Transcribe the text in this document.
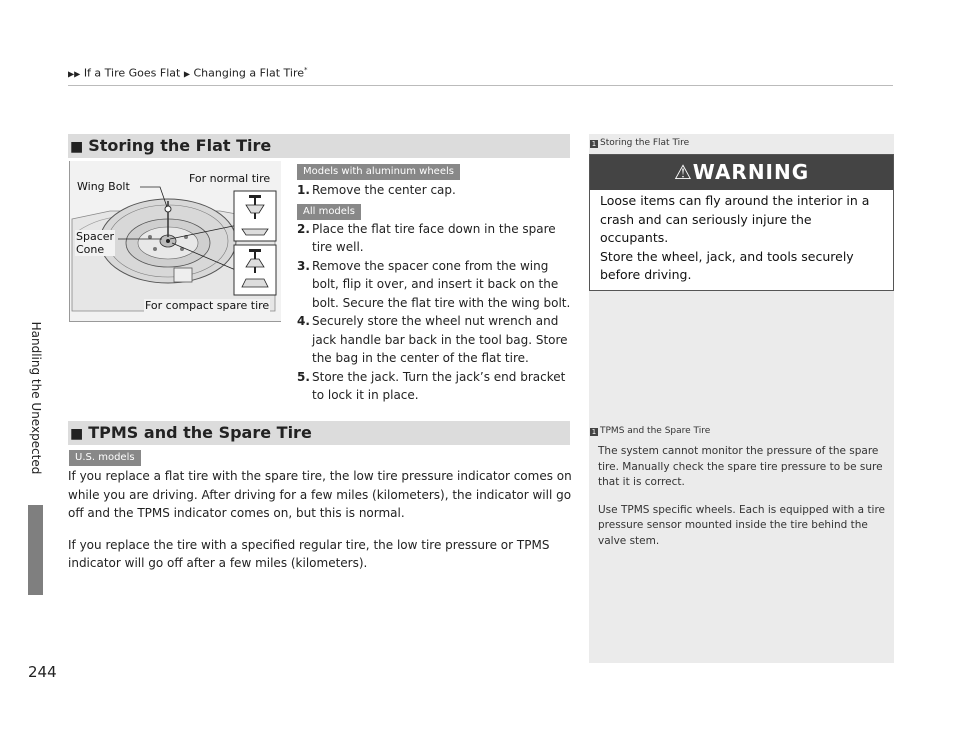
▶▶ If a Tire Goes Flat ▶ Changing a Flat Tire*
Handling the Unexpected
244
■ Storing the Flat Tire
Wing Bolt
For normal tire
Spacer
Cone
For compact spare tire
Models with aluminum wheels
All models
1. Remove the center cap.
2. Place the flat tire face down in the spare tire well.
3. Remove the spacer cone from the wing bolt, flip it over, and insert it back on the bolt. Secure the flat tire with the wing bolt.
4. Securely store the wheel nut wrench and jack handle bar back in the tool bag. Store the bag in the center of the flat tire.
5. Store the jack. Turn the jack’s end bracket to lock it in place.
■ TPMS and the Spare Tire
U.S. models

If you replace a flat tire with the spare tire, the low tire pressure indicator comes on while you are driving. After driving for a few miles (kilometers), the indicator will go off and the TPMS indicator comes on, but this is normal.

If you replace the tire with a specified regular tire, the low tire pressure or TPMS indicator will go off after a few miles (kilometers).

1 Storing the Flat Tire
⚠WARNING
Loose items can fly around the interior in a crash and can seriously injure the occupants.
Store the wheel, jack, and tools securely before driving.
1 TPMS and the Spare Tire

The system cannot monitor the pressure of the spare tire. Manually check the spare tire pressure to be sure that it is correct.

Use TPMS specific wheels. Each is equipped with a tire pressure sensor mounted inside the tire behind the valve stem.
